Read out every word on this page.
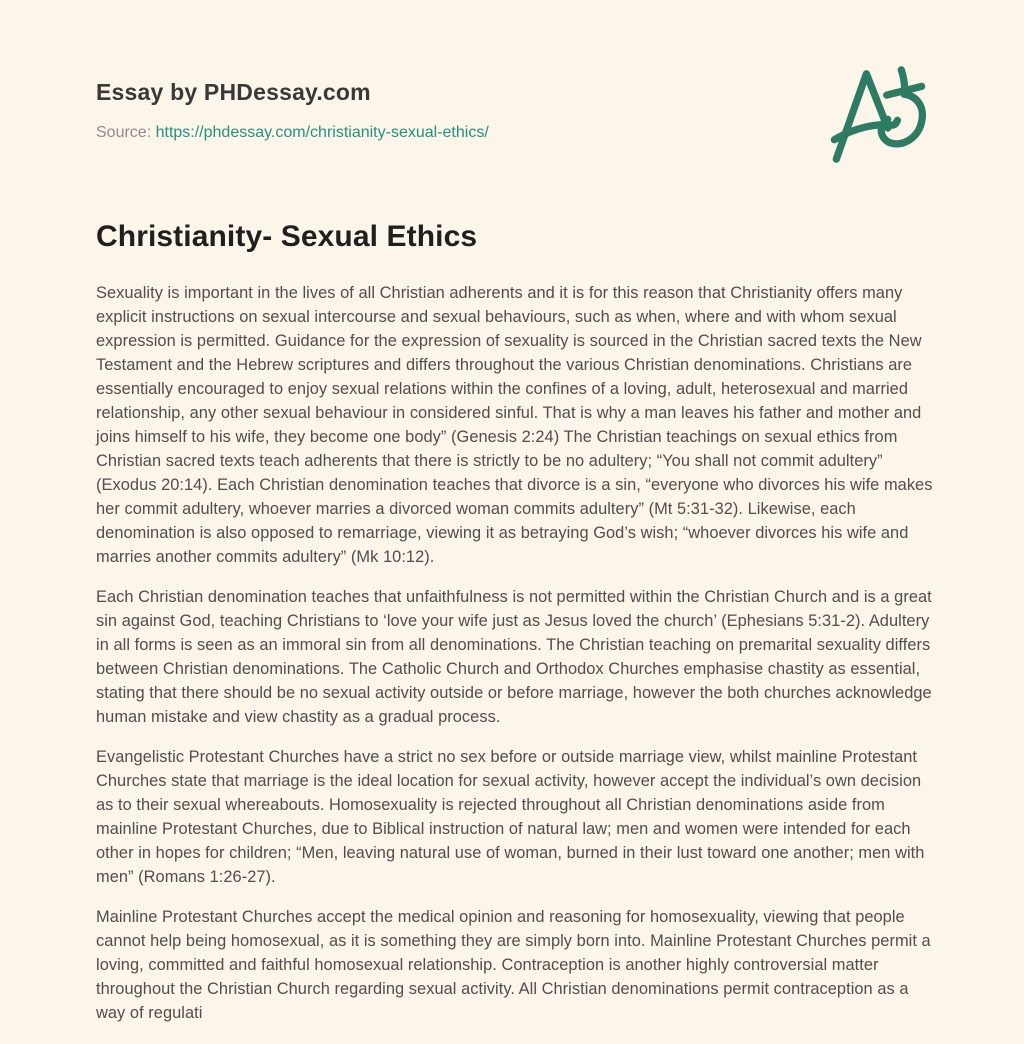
Essay by PHDessay.com
Source: https://phdessay.com/christianity-sexual-ethics/
Christianity- Sexual Ethics

Sexuality is important in the lives of all Christian adherents and it is for this reason that Christianity offers many explicit instructions on sexual intercourse and sexual behaviours, such as when, where and with whom sexual expression is permitted. Guidance for the expression of sexuality is sourced in the Christian sacred texts the New Testament and the Hebrew scriptures and differs throughout the various Christian denominations. Christians are essentially encouraged to enjoy sexual relations within the confines of a loving, adult, heterosexual and married relationship, any other sexual behaviour in considered sinful. That is why a man leaves his father and mother and joins himself to his wife, they become one body” (Genesis 2:24) The Christian teachings on sexual ethics from Christian sacred texts teach adherents that there is strictly to be no adultery; “You shall not commit adultery” (Exodus 20:14). Each Christian denomination teaches that divorce is a sin, “everyone who divorces his wife makes her commit adultery, whoever marries a divorced woman commits adultery” (Mt 5:31-32). Likewise, each denomination is also opposed to remarriage, viewing it as betraying God’s wish; “whoever divorces his wife and marries another commits adultery” (Mk 10:12).

Each Christian denomination teaches that unfaithfulness is not permitted within the Christian Church and is a great sin against God, teaching Christians to ‘love your wife just as Jesus loved the church’ (Ephesians 5:31-2). Adultery in all forms is seen as an immoral sin from all denominations. The Christian teaching on premarital sexuality differs between Christian denominations. The Catholic Church and Orthodox Churches emphasise chastity as essential, stating that there should be no sexual activity outside or before marriage, however the both churches acknowledge human mistake and view chastity as a gradual process.

Evangelistic Protestant Churches have a strict no sex before or outside marriage view, whilst mainline Protestant Churches state that marriage is the ideal location for sexual activity, however accept the individual’s own decision as to their sexual whereabouts. Homosexuality is rejected throughout all Christian denominations aside from mainline Protestant Churches, due to Biblical instruction of natural law; men and women were intended for each other in hopes for children; “Men, leaving natural use of woman, burned in their lust toward one another; men with men” (Romans 1:26-27).

Mainline Protestant Churches accept the medical opinion and reasoning for homosexuality, viewing that people cannot help being homosexual, as it is something they are simply born into. Mainline Protestant Churches permit a loving, committed and faithful homosexual relationship. Contraception is another highly controversial matter throughout the Christian Church regarding sexual activity. All Christian denominations permit contraception as a way of regulati
